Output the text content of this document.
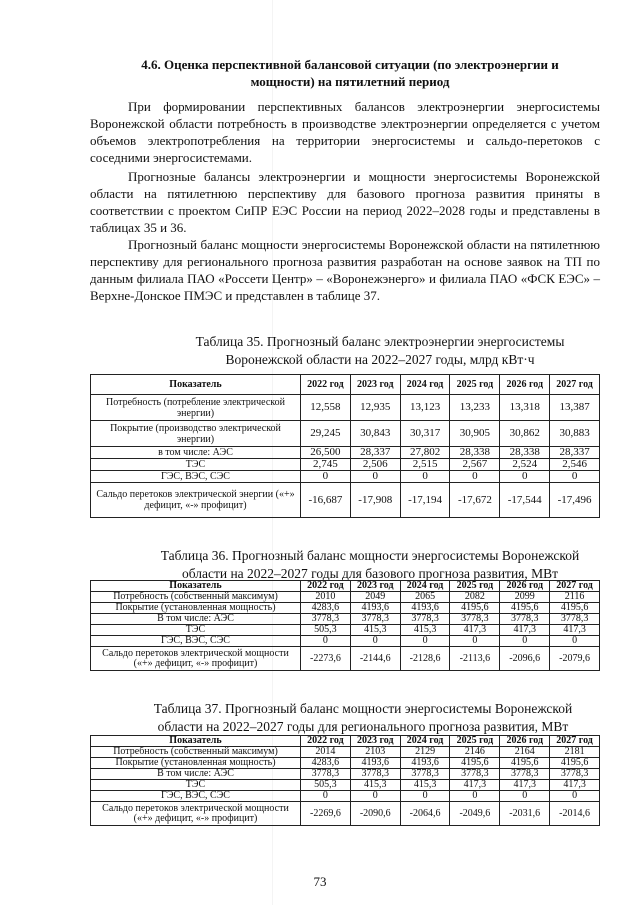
4.6. Оценка перспективной балансовой ситуации (по электроэнергии и
мощности) на пятилетний период

При формировании перспективных балансов электроэнергии энергосистемы Воронежской области потребность в производстве электроэнергии определяется с учетом объемов электропотребления на территории энергосистемы и сальдо-перетоков с соседними энергосистемами.

Прогнозные балансы электроэнергии и мощности энергосистемы Воронежской области на пятилетнюю перспективу для базового прогноза развития приняты в соответствии с проектом СиПР ЕЭС России на период 2022–2028 годы и представлены в таблицах 35 и 36.

Прогнозный баланс мощности энергосистемы Воронежской области на пятилетнюю перспективу для регионального прогноза развития разработан на основе заявок на ТП по данным филиала ПАО «Россети Центр» – «Воронежэнерго» и филиала ПАО «ФСК ЕЭС» – Верхне-Донское ПМЭС и представлен в таблице 37.

Таблица 35. Прогнозный баланс электроэнергии энергосистемы
Воронежской области на 2022–2027 годы, млрд кВт·ч
Показатель	2022 год	2023 год	2024 год	2025 год	2026 год	2027 год
Потребность (потребление электрической энергии)	12,558	12,935	13,123	13,233	13,318	13,387
Покрытие (производство электрической энергии)	29,245	30,843	30,317	30,905	30,862	30,883
в том числе: АЭС	26,500	28,337	27,802	28,338	28,338	28,337
ТЭС	2,745	2,506	2,515	2,567	2,524	2,546
ГЭС, ВЭС, СЭС	0	0	0	0	0	0
Сальдо перетоков электрической энергии («+» дефицит, «-» профицит)	-16,687	-17,908	-17,194	-17,672	-17,544	-17,496
Таблица 36. Прогнозный баланс мощности энергосистемы Воронежской
области на 2022–2027 годы для базового прогноза развития, МВт
Показатель	2022 год	2023 год	2024 год	2025 год	2026 год	2027 год
Потребность (собственный максимум)	2010	2049	2065	2082	2099	2116
Покрытие (установленная мощность)	4283,6	4193,6	4193,6	4195,6	4195,6	4195,6
В том числе: АЭС	3778,3	3778,3	3778,3	3778,3	3778,3	3778,3
ТЭС	505,3	415,3	415,3	417,3	417,3	417,3
ГЭС, ВЭС, СЭС	0	0	0	0	0	0
Сальдо перетоков электрической мощности («+» дефицит, «-» профицит)	-2273,6	-2144,6	-2128,6	-2113,6	-2096,6	-2079,6
Таблица 37. Прогнозный баланс мощности энергосистемы Воронежской
области на 2022–2027 годы для регионального прогноза развития, МВт
Показатель	2022 год	2023 год	2024 год	2025 год	2026 год	2027 год
Потребность (собственный максимум)	2014	2103	2129	2146	2164	2181
Покрытие (установленная мощность)	4283,6	4193,6	4193,6	4195,6	4195,6	4195,6
В том числе: АЭС	3778,3	3778,3	3778,3	3778,3	3778,3	3778,3
ТЭС	505,3	415,3	415,3	417,3	417,3	417,3
ГЭС, ВЭС, СЭС	0	0	0	0	0	0
Сальдо перетоков электрической мощности («+» дефицит, «-» профицит)	-2269,6	-2090,6	-2064,6	-2049,6	-2031,6	-2014,6
73
